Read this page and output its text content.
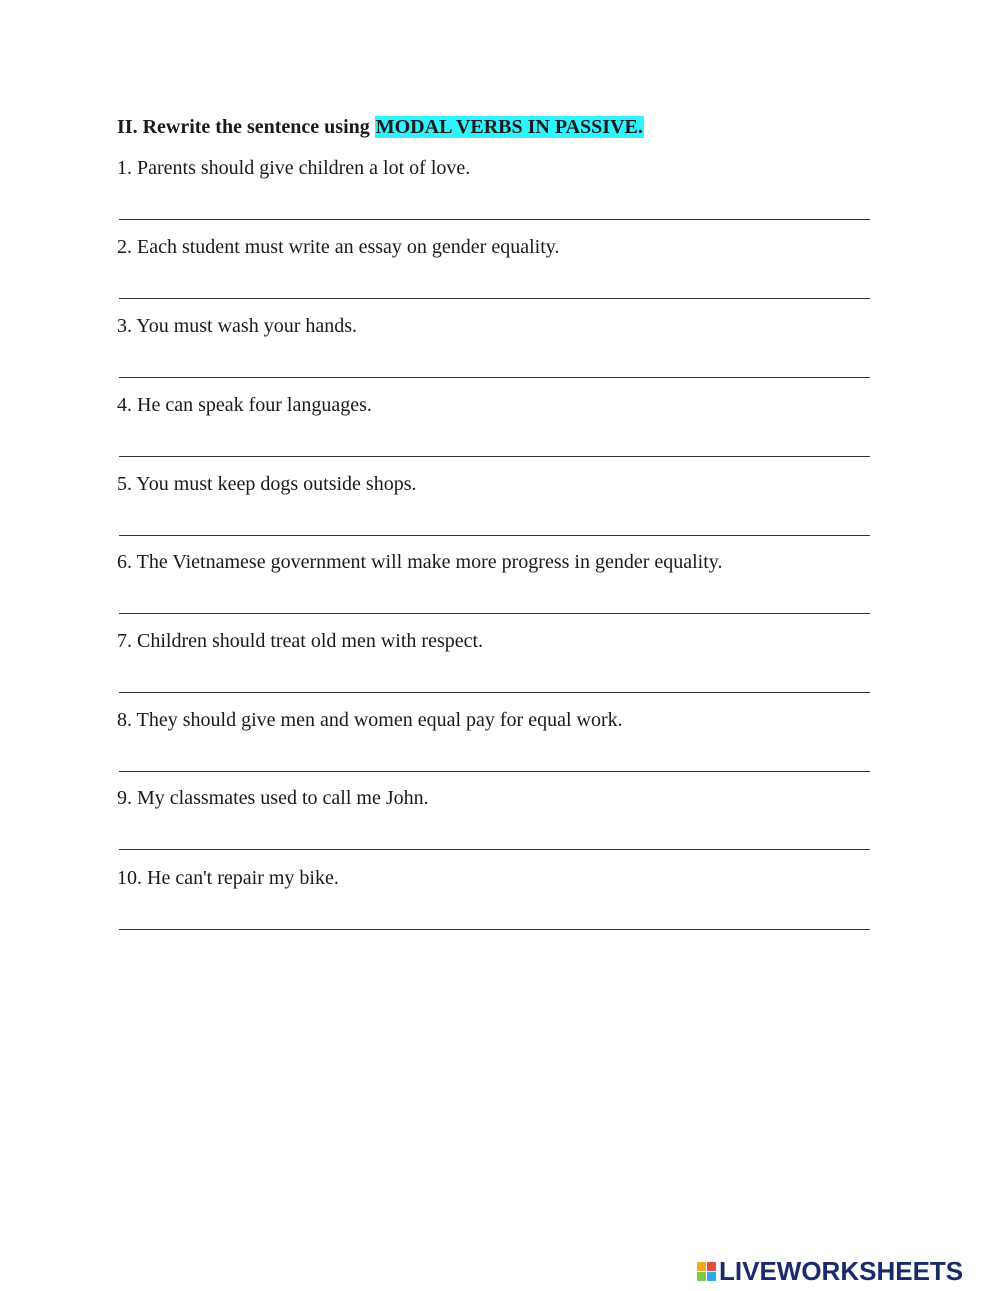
II. Rewrite the sentence using MODAL VERBS IN PASSIVE.
1. Parents should give children a lot of love.
2. Each student must write an essay on gender equality.
3. You must wash your hands.
4. He can speak four languages.
5. You must keep dogs outside shops.
6. The Vietnamese government will make more progress in gender equality.
7. Children should treat old men with respect.
8. They should give men and women equal pay for equal work.
9. My classmates used to call me John.
10. He can't repair my bike.
LIVEWORKSHEETS
